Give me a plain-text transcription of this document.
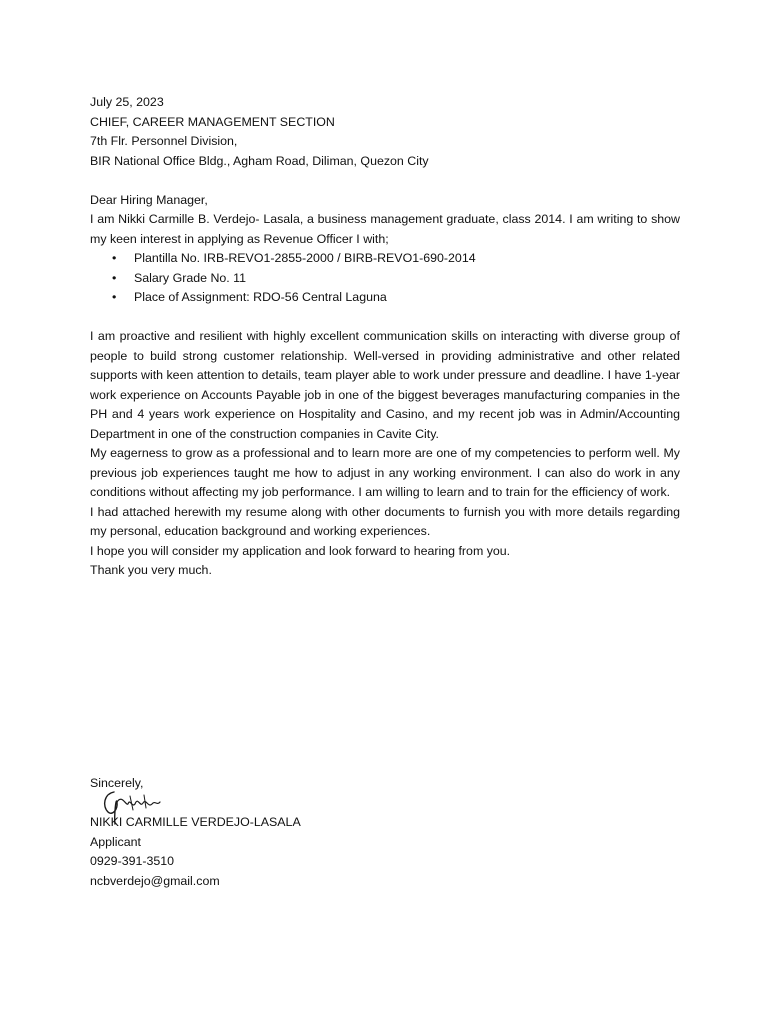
July 25, 2023

CHIEF, CAREER MANAGEMENT SECTION

7th Flr. Personnel Division,

BIR National Office Bldg., Agham Road, Diliman, Quezon City

Dear Hiring Manager,

I am Nikki Carmille B. Verdejo- Lasala, a business management graduate, class 2014. I am writing to show my keen interest in applying as Revenue Officer I with;

• Plantilla No. IRB-REVO1-2855-2000 / BIRB-REVO1-690-2014
• Salary Grade No. 11
• Place of Assignment: RDO-56 Central Laguna

I am proactive and resilient with highly excellent communication skills on interacting with diverse group of people to build strong customer relationship. Well-versed in providing administrative and other related supports with keen attention to details, team player able to work under pressure and deadline. I have 1-year work experience on Accounts Payable job in one of the biggest beverages manufacturing companies in the PH and 4 years work experience on Hospitality and Casino, and my recent job was in Admin/Accounting Department in one of the construction companies in Cavite City.

My eagerness to grow as a professional and to learn more are one of my competencies to perform well. My previous job experiences taught me how to adjust in any working environment. I can also do work in any conditions without affecting my job performance. I am willing to learn and to train for the efficiency of work.

I had attached herewith my resume along with other documents to furnish you with more details regarding my personal, education background and working experiences.

I hope you will consider my application and look forward to hearing from you.

Thank you very much.

Sincerely,

NIKKI CARMILLE VERDEJO-LASALA

Applicant

0929-391-3510

ncbverdejo@gmail.com
